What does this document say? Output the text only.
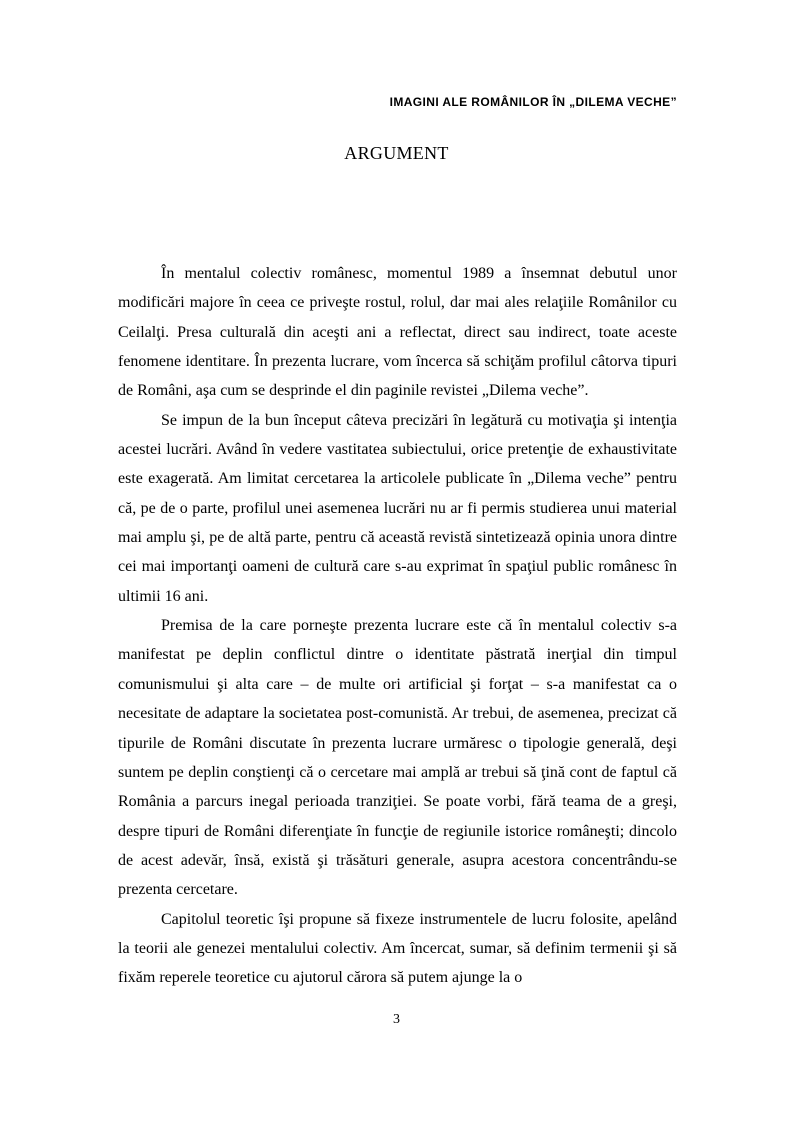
IMAGINI ALE ROMÂNILOR ÎN „DILEMA VECHE”
ARGUMENT

În mentalul colectiv românesc, momentul 1989 a însemnat debutul unor modificări majore în ceea ce priveşte rostul, rolul, dar mai ales relaţiile Românilor cu Ceilalţi. Presa culturală din aceşti ani a reflectat, direct sau indirect, toate aceste fenomene identitare. În prezenta lucrare, vom încerca să schiţăm profilul câtorva tipuri de Români, aşa cum se desprinde el din paginile revistei „Dilema veche”.

Se impun de la bun început câteva precizări în legătură cu motivaţia şi intenţia acestei lucrări. Având în vedere vastitatea subiectului, orice pretenţie de exhaustivitate este exagerată. Am limitat cercetarea la articolele publicate în „Dilema veche” pentru că, pe de o parte, profilul unei asemenea lucrări nu ar fi permis studierea unui material mai amplu şi, pe de altă parte, pentru că această revistă sintetizează opinia unora dintre cei mai importanţi oameni de cultură care s-au exprimat în spaţiul public românesc în ultimii 16 ani.

Premisa de la care porneşte prezenta lucrare este că în mentalul colectiv s-a manifestat pe deplin conflictul dintre o identitate păstrată inerţial din timpul comunismului şi alta care – de multe ori artificial şi forţat – s-a manifestat ca o necesitate de adaptare la societatea post-comunistă. Ar trebui, de asemenea, precizat că tipurile de Români discutate în prezenta lucrare urmăresc o tipologie generală, deşi suntem pe deplin conştienţi că o cercetare mai amplă ar trebui să ţină cont de faptul că România a parcurs inegal perioada tranziţiei. Se poate vorbi, fără teama de a greşi, despre tipuri de Români diferenţiate în funcţie de regiunile istorice româneşti; dincolo de acest adevăr, însă, există şi trăsături generale, asupra acestora concentrându-se prezenta cercetare.

Capitolul teoretic îşi propune să fixeze instrumentele de lucru folosite, apelând la teorii ale genezei mentalului colectiv. Am încercat, sumar, să definim termenii şi să fixăm reperele teoretice cu ajutorul cărora să putem ajunge la o

3
